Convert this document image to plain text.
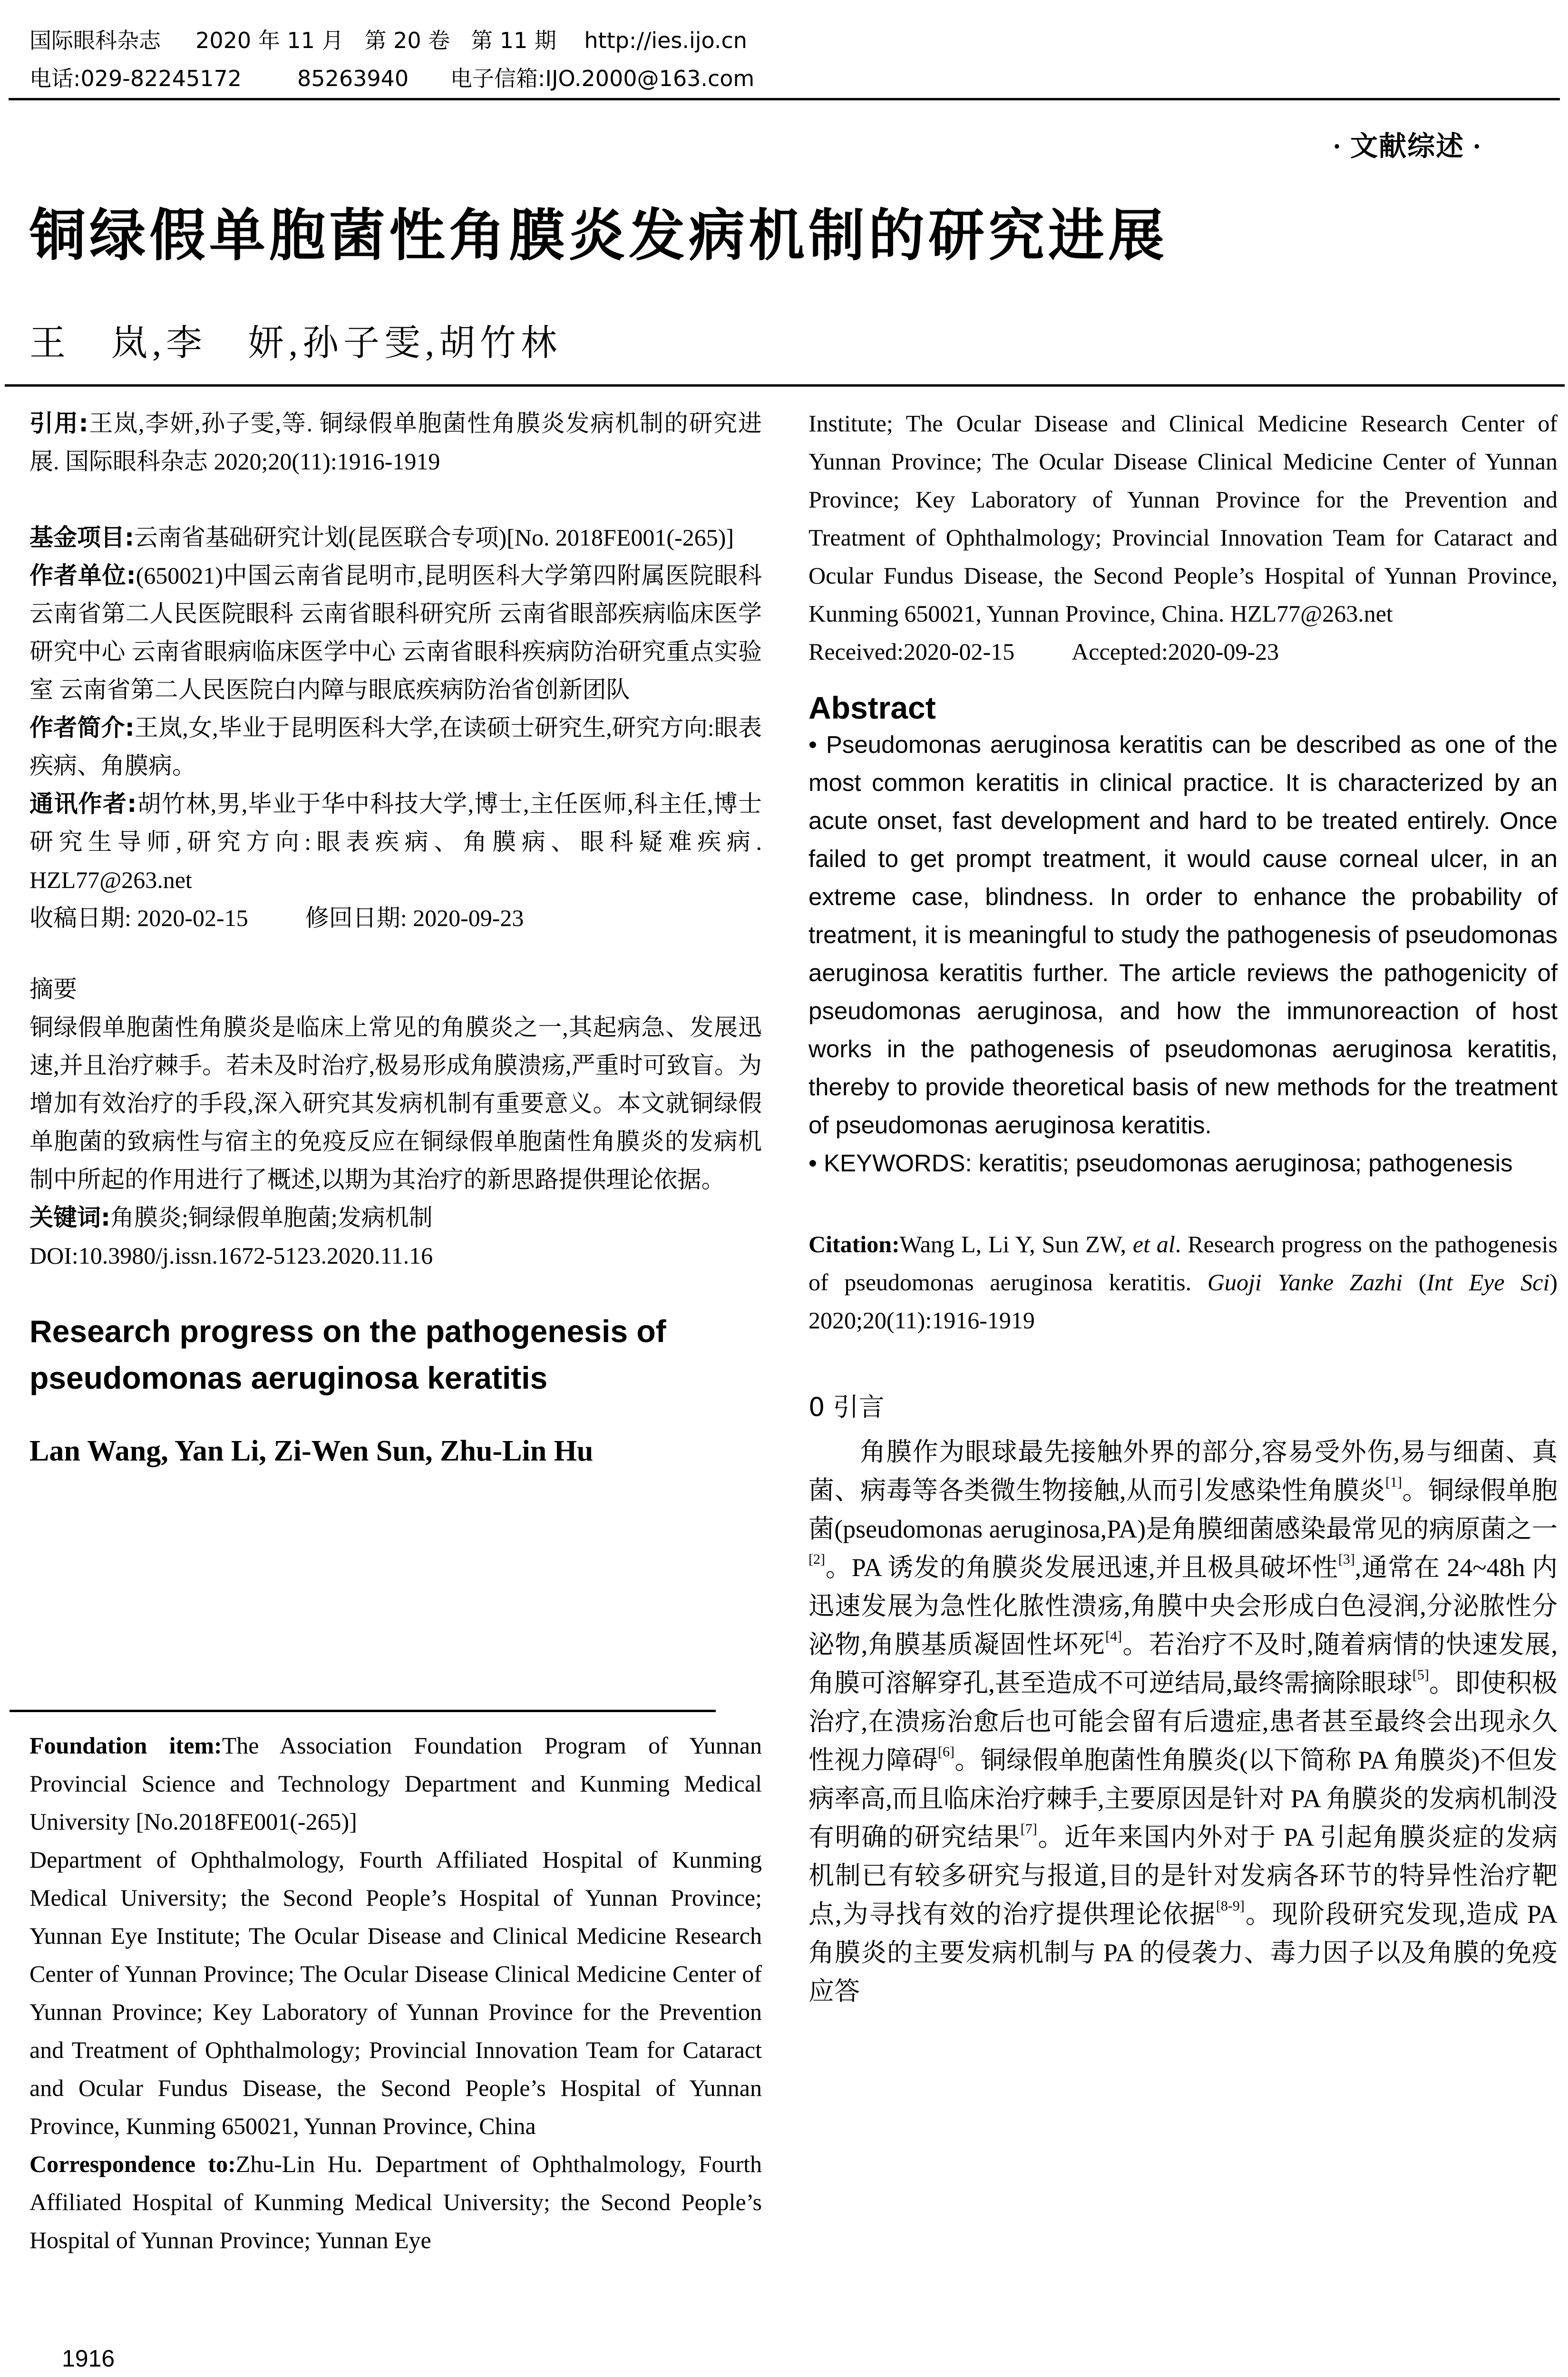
国际眼科杂志 2020 年 11 月 第 20 卷 第 11 期 http://ies.ijo.cn
电话:029-82245172	85263940 电子信箱:IJO.2000@163.com
· 文献综述 ·
铜绿假单胞菌性角膜炎发病机制的研究进展
王　岚,李　妍,孙子雯,胡竹林

引用:王岚,李妍,孙子雯,等. 铜绿假单胞菌性角膜炎发病机制的研究进展. 国际眼科杂志 2020;20(11):1916-1919

基金项目:云南省基础研究计划(昆医联合专项)[No. 2018FE001(-265)]

作者单位:(650021)中国云南省昆明市,昆明医科大学第四附属医院眼科 云南省第二人民医院眼科 云南省眼科研究所 云南省眼部疾病临床医学研究中心 云南省眼病临床医学中心 云南省眼科疾病防治研究重点实验室 云南省第二人民医院白内障与眼底疾病防治省创新团队

作者简介:王岚,女,毕业于昆明医科大学,在读硕士研究生,研究方向:眼表疾病、角膜病。

通讯作者:胡竹林,男,毕业于华中科技大学,博士,主任医师,科主任,博士研究生导师,研究方向:眼表疾病、角膜病、眼科疑难疾病. HZL77@263.net

收稿日期: 2020-02-15 修回日期: 2020-09-23

摘要

铜绿假单胞菌性角膜炎是临床上常见的角膜炎之一,其起病急、发展迅速,并且治疗棘手。若未及时治疗,极易形成角膜溃疡,严重时可致盲。为增加有效治疗的手段,深入研究其发病机制有重要意义。本文就铜绿假单胞菌的致病性与宿主的免疫反应在铜绿假单胞菌性角膜炎的发病机制中所起的作用进行了概述,以期为其治疗的新思路提供理论依据。

关键词:角膜炎;铜绿假单胞菌;发病机制

DOI:10.3980/j.issn.1672-5123.2020.11.16

Research progress on the pathogenesis of pseudomonas aeruginosa keratitis

Lan Wang, Yan Li, Zi-Wen Sun, Zhu-Lin Hu

Foundation item:The Association Foundation Program of Yunnan Provincial Science and Technology Department and Kunming Medical University [No.2018FE001(-265)]

Department of Ophthalmology, Fourth Affiliated Hospital of Kunming Medical University; the Second People’s Hospital of Yunnan Province; Yunnan Eye Institute; The Ocular Disease and Clinical Medicine Research Center of Yunnan Province; The Ocular Disease Clinical Medicine Center of Yunnan Province; Key Laboratory of Yunnan Province for the Prevention and Treatment of Ophthalmology; Provincial Innovation Team for Cataract and Ocular Fundus Disease, the Second People’s Hospital of Yunnan Province, Kunming 650021, Yunnan Province, China

Correspondence to:Zhu-Lin Hu. Department of Ophthalmology, Fourth Affiliated Hospital of Kunming Medical University; the Second People’s Hospital of Yunnan Province; Yunnan Eye

Institute; The Ocular Disease and Clinical Medicine Research Center of Yunnan Province; The Ocular Disease Clinical Medicine Center of Yunnan Province; Key Laboratory of Yunnan Province for the Prevention and Treatment of Ophthalmology; Provincial Innovation Team for Cataract and Ocular Fundus Disease, the Second People’s Hospital of Yunnan Province, Kunming 650021, Yunnan Province, China. HZL77@263.net

Received:2020-02-15 Accepted:2020-09-23

Abstract

• Pseudomonas aeruginosa keratitis can be described as one of the most common keratitis in clinical practice. It is characterized by an acute onset, fast development and hard to be treated entirely. Once failed to get prompt treatment, it would cause corneal ulcer, in an extreme case, blindness. In order to enhance the probability of treatment, it is meaningful to study the pathogenesis of pseudomonas aeruginosa keratitis further. The article reviews the pathogenicity of pseudomonas aeruginosa, and how the immunoreaction of host works in the pathogenesis of pseudomonas aeruginosa keratitis, thereby to provide theoretical basis of new methods for the treatment of pseudomonas aeruginosa keratitis.

• KEYWORDS: keratitis; pseudomonas aeruginosa; pathogenesis

Citation:Wang L, Li Y, Sun ZW, et al. Research progress on the pathogenesis of pseudomonas aeruginosa keratitis. Guoji Yanke Zazhi (Int Eye Sci) 2020;20(11):1916-1919

0 引言

角膜作为眼球最先接触外界的部分,容易受外伤,易与细菌、真菌、病毒等各类微生物接触,从而引发感染性角膜炎[1]。铜绿假单胞菌(pseudomonas aeruginosa,PA)是角膜细菌感染最常见的病原菌之一[2]。PA 诱发的角膜炎发展迅速,并且极具破坏性[3],通常在 24~48h 内迅速发展为急性化脓性溃疡,角膜中央会形成白色浸润,分泌脓性分泌物,角膜基质凝固性坏死[4]。若治疗不及时,随着病情的快速发展,角膜可溶解穿孔,甚至造成不可逆结局,最终需摘除眼球[5]。即使积极治疗,在溃疡治愈后也可能会留有后遗症,患者甚至最终会出现永久性视力障碍[6]。铜绿假单胞菌性角膜炎(以下简称 PA 角膜炎)不但发病率高,而且临床治疗棘手,主要原因是针对 PA 角膜炎的发病机制没有明确的研究结果[7]。近年来国内外对于 PA 引起角膜炎症的发病机制已有较多研究与报道,目的是针对发病各环节的特异性治疗靶点,为寻找有效的治疗提供理论依据[8-9]。现阶段研究发现,造成 PA 角膜炎的主要发病机制与 PA 的侵袭力、毒力因子以及角膜的免疫应答

1916
